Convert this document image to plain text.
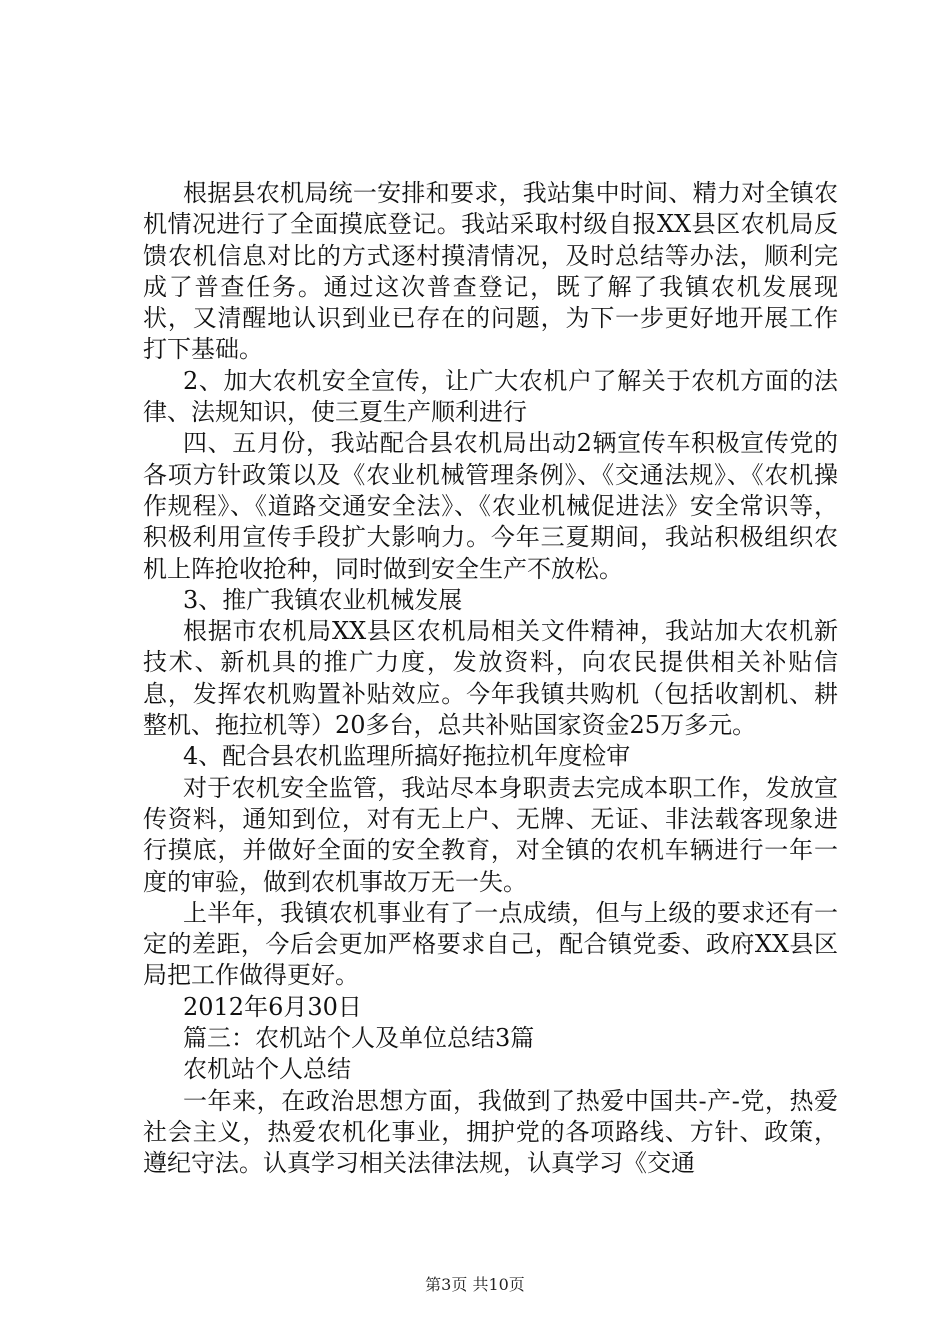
根据县农机局统一安排和要求，我站集中时间、精力对全镇农机情况进行了全面摸底登记。我站采取村级自报XX县区农机局反馈农机信息对比的方式逐村摸清情况，及时总结等办法，顺利完成了普查任务。通过这次普查登记，既了解了我镇农机发展现状，又清醒地认识到业已存在的问题，为下一步更好地开展工作打下基础。

2、加大农机安全宣传，让广大农机户了解关于农机方面的法律、法规知识，使三夏生产顺利进行

四、五月份，我站配合县农机局出动2辆宣传车积极宣传党的各项方针政策以及《农业机械管理条例》、《交通法规》、《农机操作规程》、《道路交通安全法》、《农业机械促进法》安全常识等，积极利用宣传手段扩大影响力。今年三夏期间，我站积极组织农机上阵抢收抢种，同时做到安全生产不放松。

3、推广我镇农业机械发展

根据市农机局XX县区农机局相关文件精神，我站加大农机新技术、新机具的推广力度，发放资料，向农民提供相关补贴信息，发挥农机购置补贴效应。今年我镇共购机（包括收割机、耕整机、拖拉机等）20多台，总共补贴国家资金25万多元。

4、配合县农机监理所搞好拖拉机年度检审

对于农机安全监管，我站尽本身职责去完成本职工作，发放宣传资料，通知到位，对有无上户、无牌、无证、非法载客现象进行摸底，并做好全面的安全教育，对全镇的农机车辆进行一年一度的审验，做到农机事故万无一失。

上半年，我镇农机事业有了一点成绩，但与上级的要求还有一定的差距，今后会更加严格要求自己，配合镇党委、政府XX县区局把工作做得更好。

2012年6月30日

篇三：农机站个人及单位总结3篇

农机站个人总结

一年来，在政治思想方面，我做到了热爱中国共-产-党，热爱社会主义，热爱农机化事业，拥护党的各项路线、方针、政策，遵纪守法。认真学习相关法律法规，认真学习《交通

第3页 共10页
